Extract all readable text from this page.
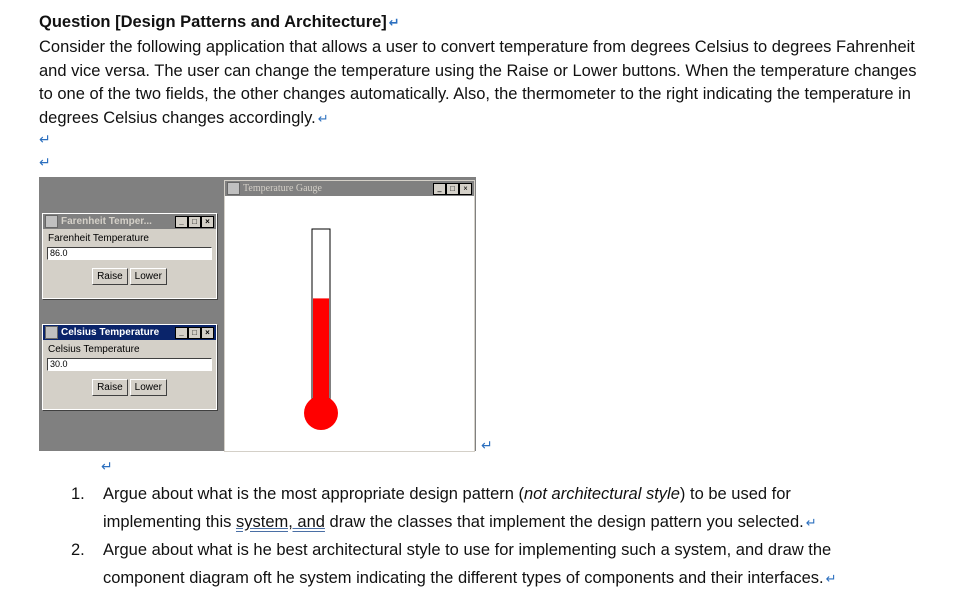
Question [Design Patterns and Architecture] ↵
Consider the following application that allows a user to convert temperature from degrees Celsius to degrees Fahrenheit and vice versa. The user can change the temperature using the Raise or Lower buttons. When the temperature changes to one of the two fields, the other changes automatically. Also, the thermometer to the right indicating the temperature in degrees Celsius changes accordingly. ↵
↵
↵
Farenheit Temper...	_	□	×
Farenheit Temperature
86.0
Raise	Lower
Celsius Temperature	_	□	×
Celsius Temperature
30.0
Raise	Lower
Temperature Gauge	_	□	×
↵
↵
1. Argue about what is the most appropriate design pattern (not architectural style) to be used for
implementing this system, and draw the classes that implement the design pattern you selected. ↵
2. Argue about what is he best architectural style to use for implementing such a system, and draw the
component diagram oft he system indicating the different types of components and their interfaces. ↵
